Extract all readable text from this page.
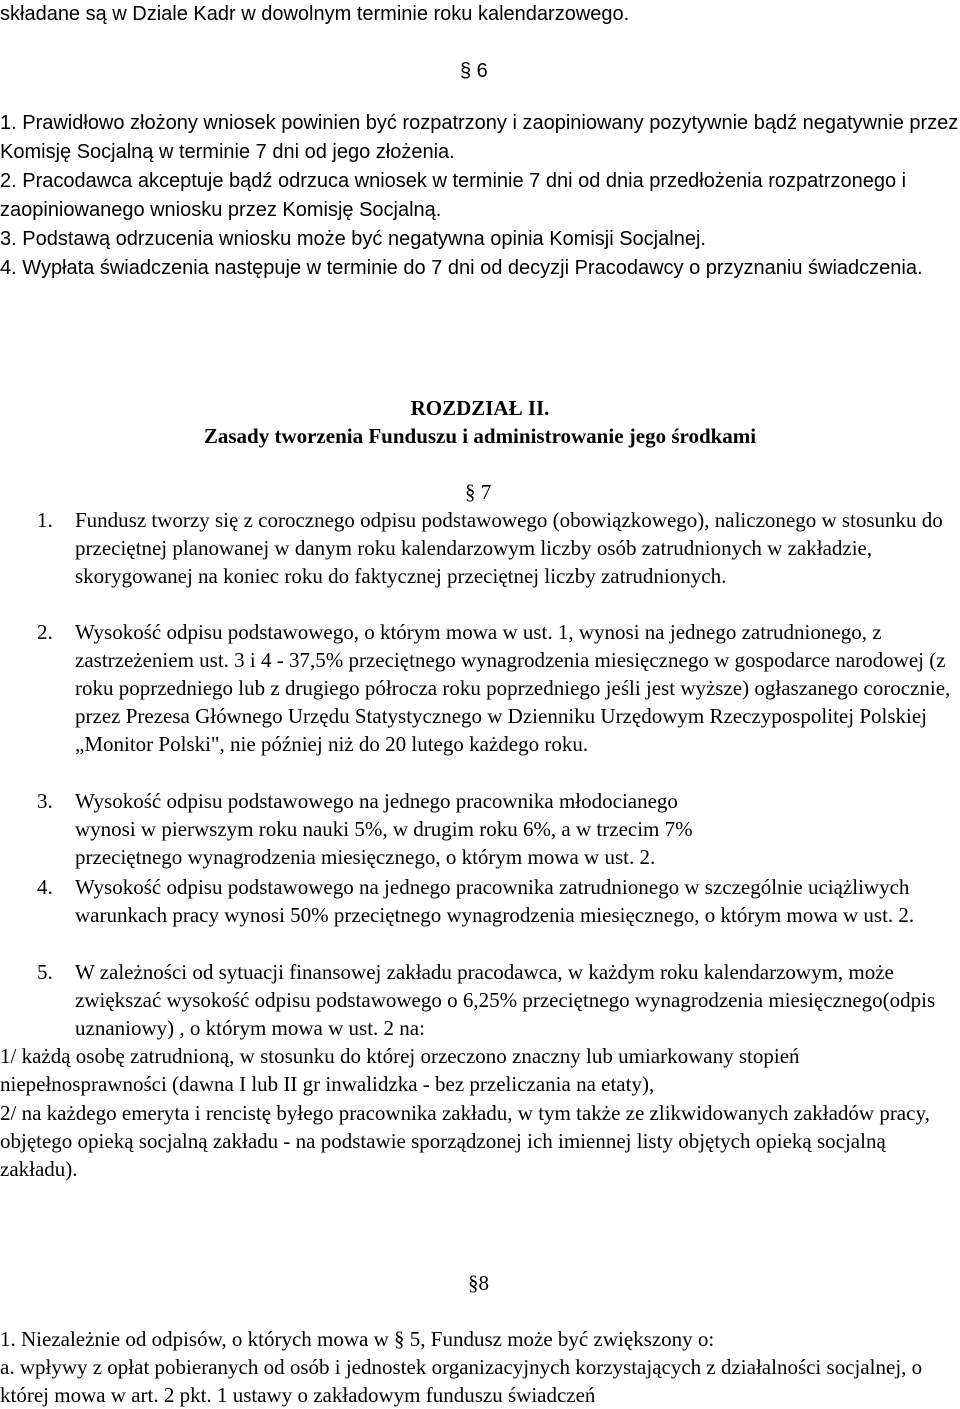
składane są w Dziale Kadr w dowolnym terminie roku kalendarzowego.
§ 6

1. Prawidłowo złożony wniosek powinien być rozpatrzony i zaopiniowany pozytywnie bądź negatywnie przez Komisję Socjalną w terminie 7 dni od jego złożenia.

2. Pracodawca akceptuje bądź odrzuca wniosek w terminie 7 dni od dnia przedłożenia rozpatrzonego i zaopiniowanego wniosku przez Komisję Socjalną.

3. Podstawą odrzucenia wniosku może być negatywna opinia Komisji Socjalnej.

4. Wypłata świadczenia następuje w terminie do 7 dni od decyzji Pracodawcy o przyznaniu świadczenia.

ROZDZIAŁ II.
Zasady tworzenia Funduszu i administrowanie jego środkami
§ 7
1. Fundusz tworzy się z corocznego odpisu podstawowego (obowiązkowego), naliczonego w stosunku do przeciętnej planowanej w danym roku kalendarzowym liczby osób zatrudnionych w zakładzie, skorygowanej na koniec roku do faktycznej przeciętnej liczby zatrudnionych.
2. Wysokość odpisu podstawowego, o którym mowa w ust. 1, wynosi na jednego zatrudnionego, z zastrzeżeniem ust. 3 i 4 - 37,5% przeciętnego wynagrodzenia miesięcznego w gospodarce narodowej (z roku poprzedniego lub z drugiego półrocza roku poprzedniego jeśli jest wyższe) ogłaszanego corocznie, przez Prezesa Głównego Urzędu Statystycznego w Dzienniku Urzędowym Rzeczypospolitej Polskiej „Monitor Polski", nie później niż do 20 lutego każdego roku.
3. Wysokość odpisu podstawowego na jednego pracownika młodocianego wynosi w pierwszym roku nauki 5%, w drugim roku 6%, a w trzecim 7% przeciętnego wynagrodzenia miesięcznego, o którym mowa w ust. 2.
4. Wysokość odpisu podstawowego na jednego pracownika zatrudnionego w szczególnie uciążliwych warunkach pracy wynosi 50% przeciętnego wynagrodzenia miesięcznego, o którym mowa w ust. 2.
5. W zależności od sytuacji finansowej zakładu pracodawca, w każdym roku kalendarzowym, może zwiększać wysokość odpisu podstawowego o 6,25% przeciętnego wynagrodzenia miesięcznego(odpis uznaniowy) , o którym mowa w ust. 2 na:
1/ każdą osobę zatrudnioną, w stosunku do której orzeczono znaczny lub umiarkowany stopień niepełnosprawności (dawna I lub II gr inwalidzka - bez przeliczania na etaty),
2/ na każdego emeryta i rencistę byłego pracownika zakładu, w tym także ze zlikwidowanych zakładów pracy, objętego opieką socjalną zakładu - na podstawie sporządzonej ich imiennej listy objętych opieką socjalną zakładu).
§8
1. Niezależnie od odpisów, o których mowa w § 5, Fundusz może być zwiększony o:
a. wpływy z opłat pobieranych od osób i jednostek organizacyjnych korzystających z działalności socjalnej, o której mowa w art. 2 pkt. 1 ustawy o zakładowym funduszu świadczeń
